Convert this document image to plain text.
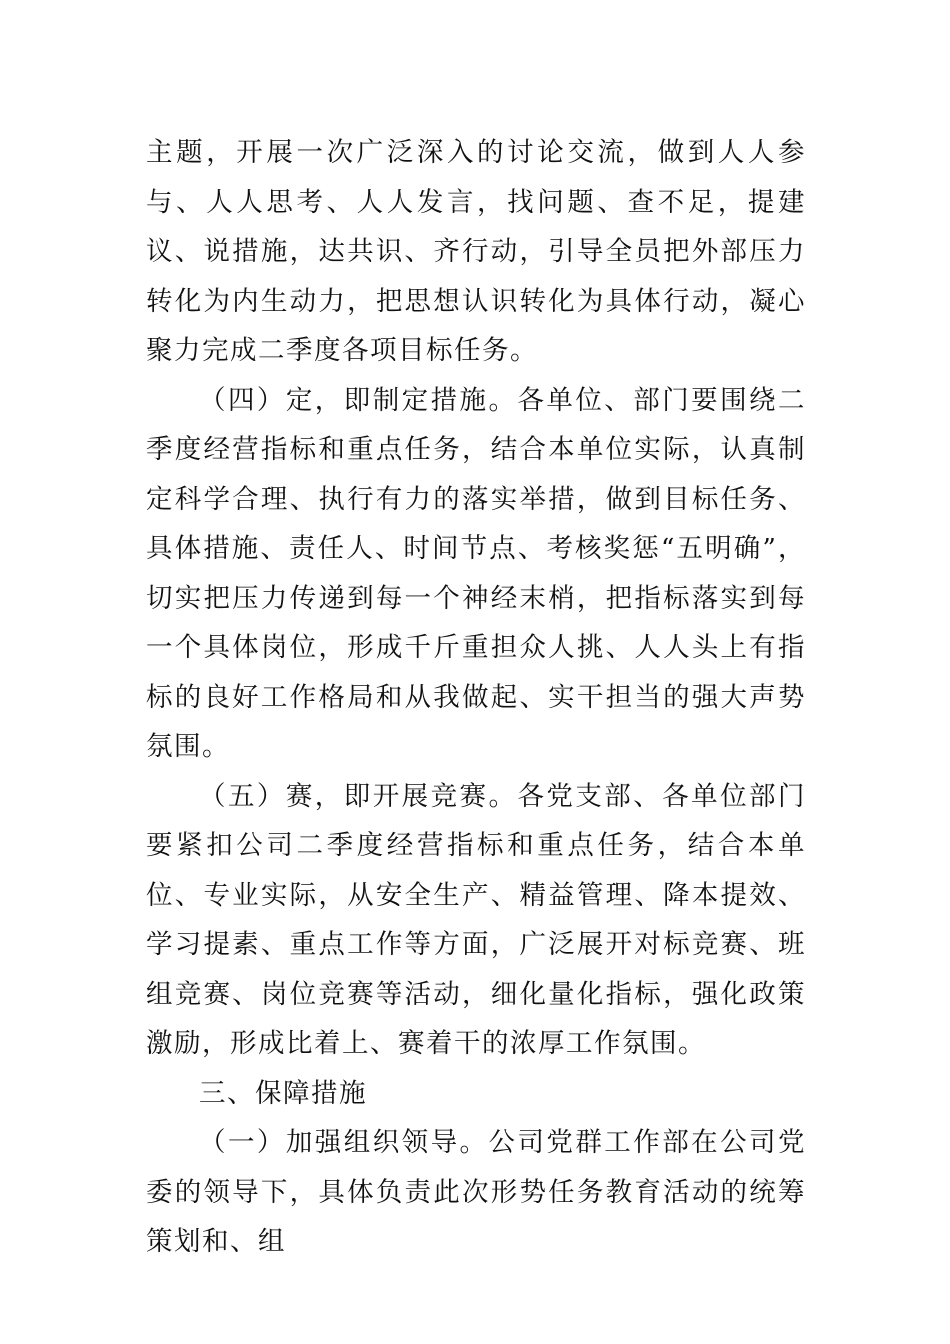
主题，开展一次广泛深入的讨论交流，做到人人参与、人人思考、人人发言，找问题、查不足，提建议、说措施，达共识、齐行动，引导全员把外部压力转化为内生动力，把思想认识转化为具体行动，凝心聚力完成二季度各项目标任务。

（四）定，即制定措施。各单位、部门要围绕二季度经营指标和重点任务，结合本单位实际，认真制定科学合理、执行有力的落实举措，做到目标任务、具体措施、责任人、时间节点、考核奖惩“五明确”，切实把压力传递到每一个神经末梢，把指标落实到每一个具体岗位，形成千斤重担众人挑、人人头上有指标的良好工作格局和从我做起、实干担当的强大声势氛围。

（五）赛，即开展竞赛。各党支部、各单位部门要紧扣公司二季度经营指标和重点任务，结合本单位、专业实际，从安全生产、精益管理、降本提效、学习提素、重点工作等方面，广泛展开对标竞赛、班组竞赛、岗位竞赛等活动，细化量化指标，强化政策激励，形成比着上、赛着干的浓厚工作氛围。

三、保障措施

（一）加强组织领导。公司党群工作部在公司党委的领导下，具体负责此次形势任务教育活动的统筹策划和、组
